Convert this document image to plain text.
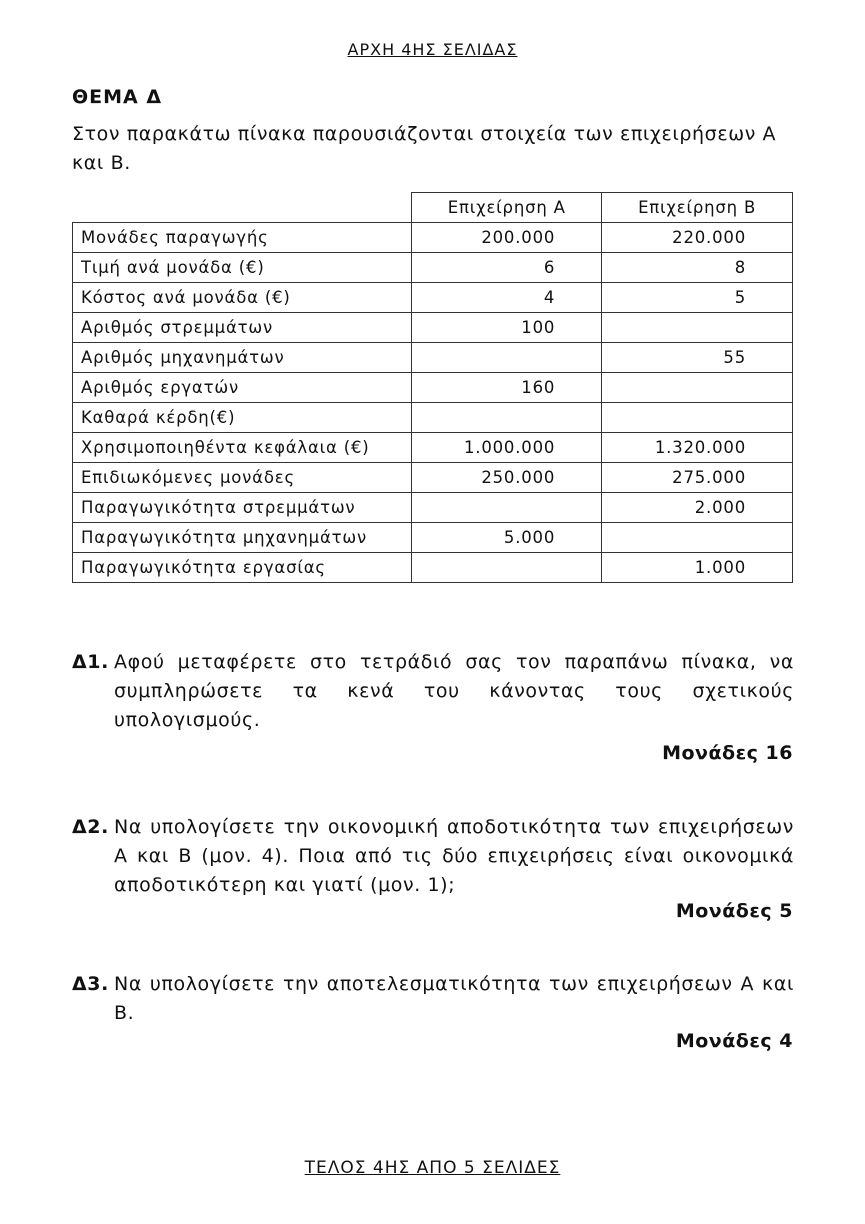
ΑΡΧΗ 4ΗΣ ΣΕΛΙΔΑΣ
ΘΕΜΑ Δ
Στον παρακάτω πίνακα παρουσιάζονται στοιχεία των επιχειρήσεων Α και Β.
	Επιχείρηση Α	Επιχείρηση Β
Μονάδες παραγωγής	200.000	220.000
Τιμή ανά μονάδα (€)	6	8
Κόστος ανά μονάδα (€)	4	5
Αριθμός στρεμμάτων	100	
Αριθμός μηχανημάτων		55
Αριθμός εργατών	160	
Καθαρά κέρδη(€)		
Χρησιμοποιηθέντα κεφάλαια (€)	1.000.000	1.320.000
Επιδιωκόμενες μονάδες	250.000	275.000
Παραγωγικότητα στρεμμάτων		2.000
Παραγωγικότητα μηχανημάτων	5.000	
Παραγωγικότητα εργασίας		1.000
Δ1. Αφού μεταφέρετε στο τετράδιό σας τον παραπάνω πίνακα, να συμπληρώσετε τα κενά του κάνοντας τους σχετικούς υπολογισμούς.
Μονάδες 16
Δ2. Να υπολογίσετε την οικονομική αποδοτικότητα των επιχειρήσεων Α και Β (μον. 4). Ποια από τις δύο επιχειρήσεις είναι οικονομικά αποδοτικότερη και γιατί (μον. 1);
Μονάδες 5
Δ3. Να υπολογίσετε την αποτελεσματικότητα των επιχειρήσεων Α και Β.
Μονάδες 4
ΤΕΛΟΣ 4ΗΣ ΑΠΟ 5 ΣΕΛΙΔΕΣ
